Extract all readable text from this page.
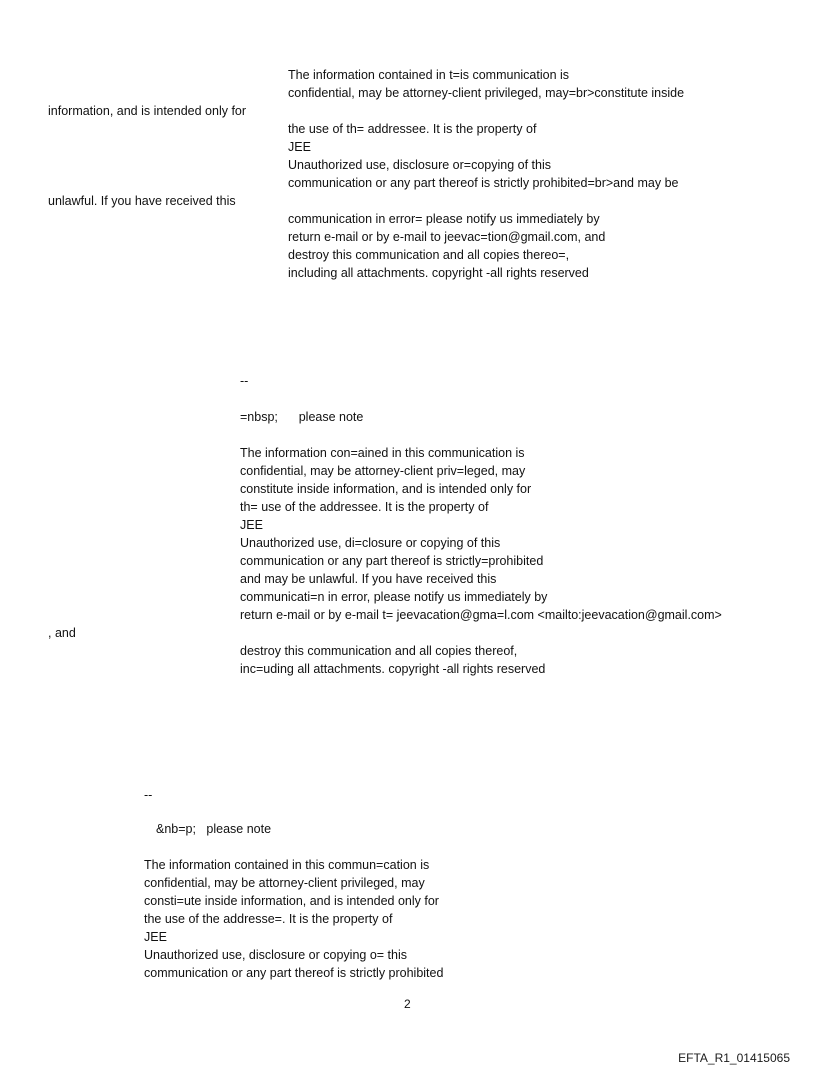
The information contained in t=is communication is
confidential, may be attorney-client privileged, may=br>constitute inside
information, and is intended only for
the use of th= addressee. It is the property of
JEE
Unauthorized use, disclosure or=copying of this
communication or any part thereof is strictly prohibited=br>and may be
unlawful. If you have received this
communication in error= please notify us immediately by
return e-mail or by e-mail to jeevac=tion@gmail.com, and
destroy this communication and all copies thereo=,
including all attachments. copyright -all rights reserved
--
=nbsp;      please note
The information con=ained in this communication is
confidential, may be attorney-client priv=leged, may
constitute inside information, and is intended only for
th= use of the addressee. It is the property of
JEE
Unauthorized use, di=closure or copying of this
communication or any part thereof is strictly=prohibited
and may be unlawful. If you have received this
communicati=n in error, please notify us immediately by
return e-mail or by e-mail t= jeevacation@gma=l.com <mailto:jeevacation@gmail.com>
, and
destroy this communication and all copies thereof,
inc=uding all attachments. copyright -all rights reserved
--
&nb=p;   please note
The information contained in this commun=cation is
confidential, may be attorney-client privileged, may
consti=ute inside information, and is intended only for
the use of the addresse=. It is the property of
JEE
Unauthorized use, disclosure or copying o= this
communication or any part thereof is strictly prohibited
2
EFTA_R1_01415065
